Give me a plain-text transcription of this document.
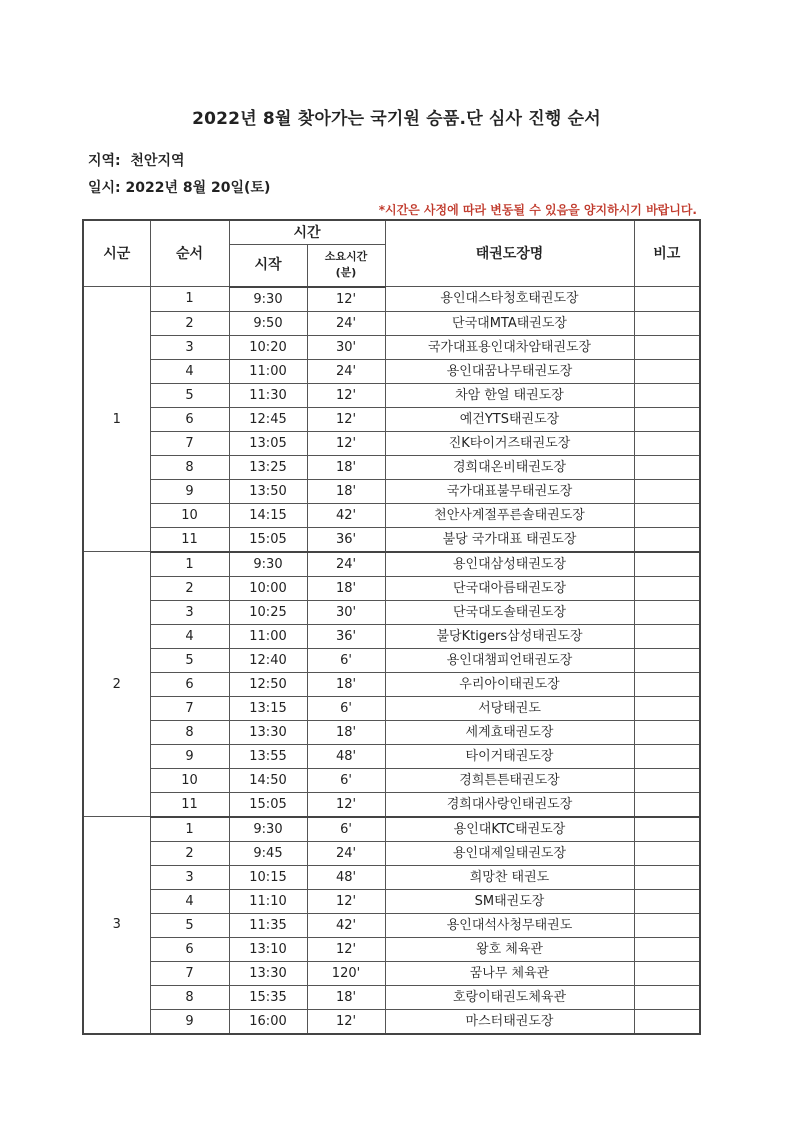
2022년 8월 찾아가는 국기원 승품.단 심사 진행 순서
지역: 천안지역
일시: 2022년 8월 20일(토)
*시간은 사정에 따라 변동될 수 있음을 양지하시기 바랍니다.
시군	순서	시간		태권도장명	비고
		시작	소요시간
(분)		

1	1	9:30	12'	용인대스타청호태권도장	
	2	9:50	24'	단국대MTA태권도장	
	3	10:20	30'	국가대표용인대차암태권도장	
	4	11:00	24'	용인대꿈나무태권도장	
	5	11:30	12'	차암 한얼 태권도장	
	6	12:45	12'	예건YTS태권도장	
	7	13:05	12'	진K타이거즈태권도장	
	8	13:25	18'	경희대온비태권도장	
	9	13:50	18'	국가대표불무태권도장	
	10	14:15	42'	천안사계절푸른솔태권도장	
	11	15:05	36'	불당 국가대표 태권도장	
2	1	9:30	24'	용인대삼성태권도장	
	2	10:00	18'	단국대아름태권도장	
	3	10:25	30'	단국대도솔태권도장	
	4	11:00	36'	불당Ktigers삼성태권도장	
	5	12:40	6'	용인대챔피언태권도장	
	6	12:50	18'	우리아이태권도장	
	7	13:15	6'	서당태권도	
	8	13:30	18'	세계효태권도장	
	9	13:55	48'	타이거태권도장	
	10	14:50	6'	경희튼튼태권도장	
	11	15:05	12'	경희대사랑인태권도장	
3	1	9:30	6'	용인대KTC태권도장	
	2	9:45	24'	용인대제일태권도장	
	3	10:15	48'	희망찬 태권도	
	4	11:10	12'	SM태권도장	
	5	11:35	42'	용인대석사청무태권도	
	6	13:10	12'	왕호 체육관	
	7	13:30	120'	꿈나무 체육관	
	8	15:35	18'	호랑이태권도체육관	
	9	16:00	12'	마스터태권도장	
